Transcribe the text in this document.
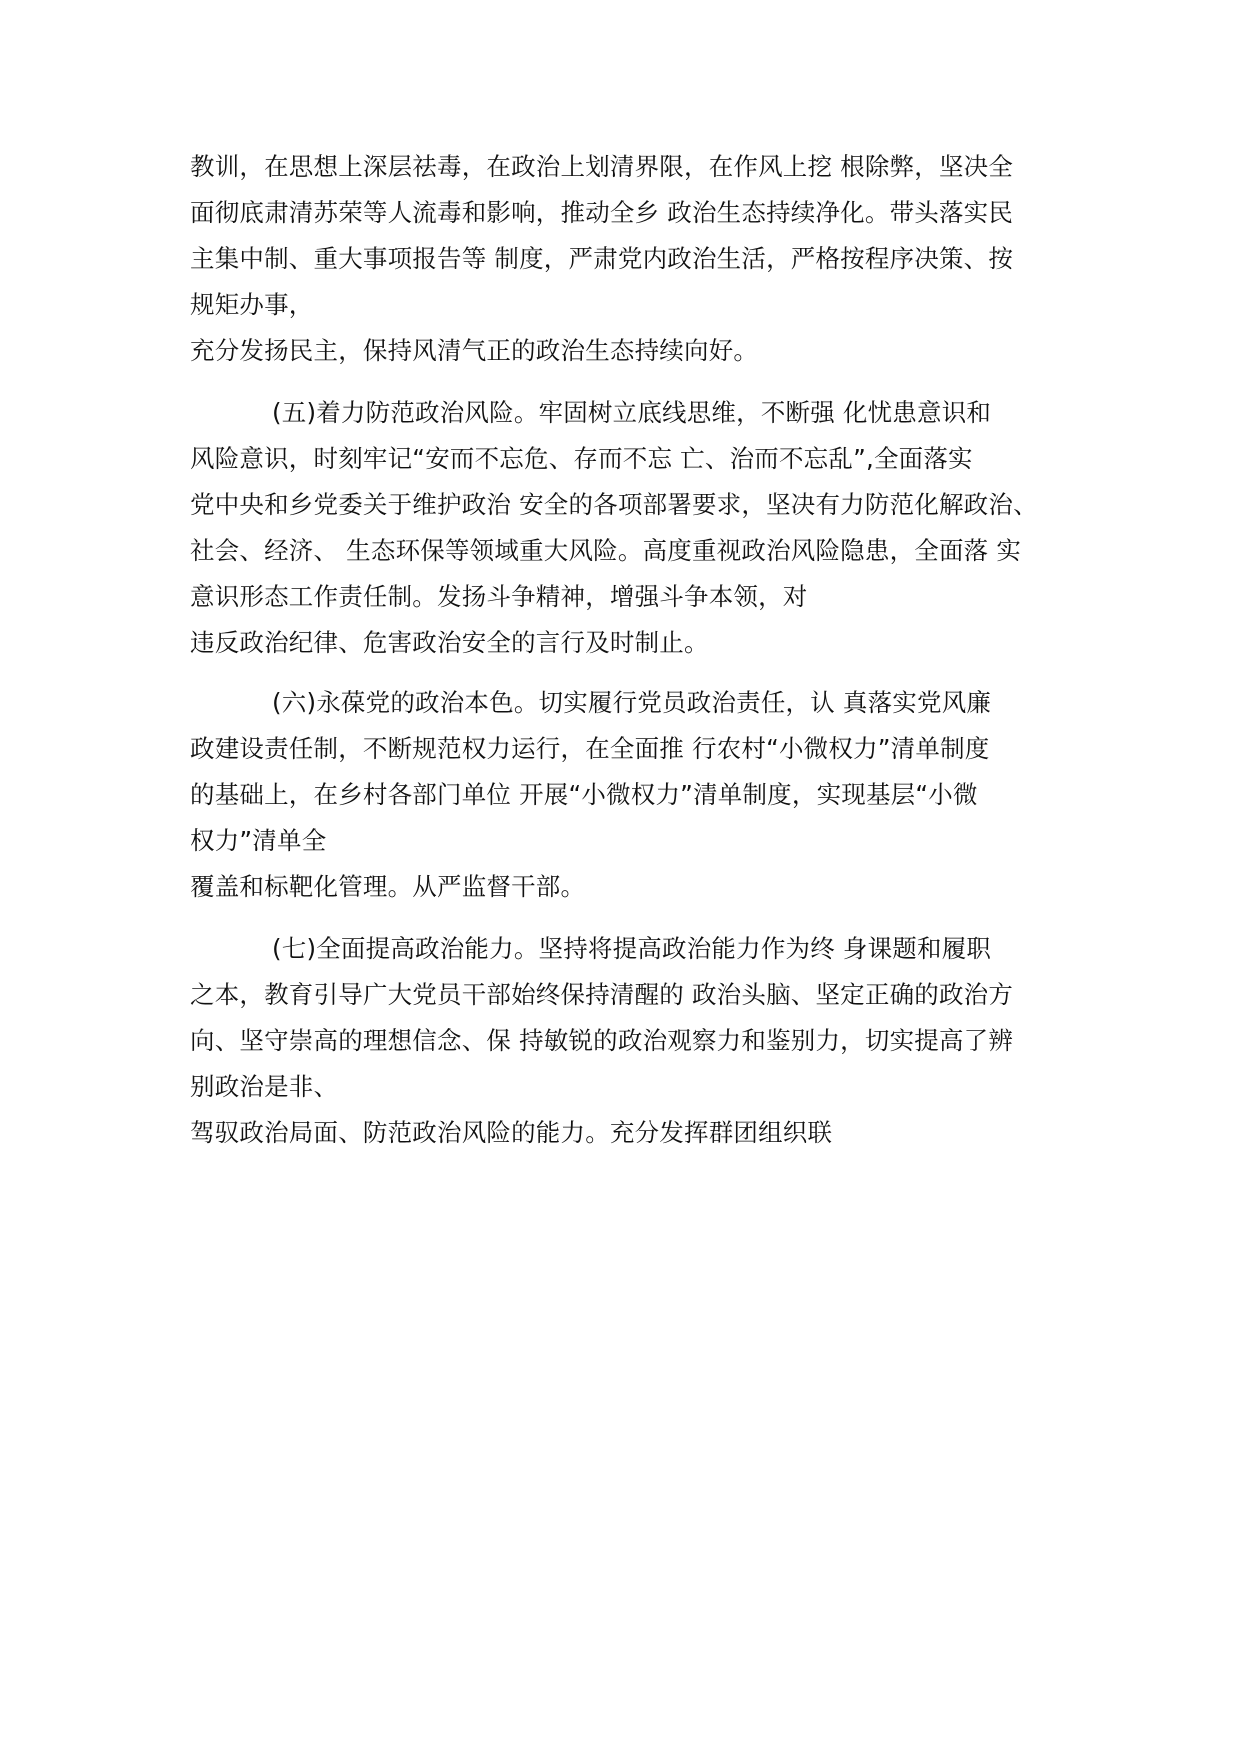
教训，在思想上深层祛毒，在政治上划清界限，在作风上挖 根除弊，坚决全

面彻底肃清苏荣等人流毒和影响，推动全乡 政治生态持续净化。带头落实民

主集中制、重大事项报告等 制度，严肃党内政治生活，严格按程序决策、按

规矩办事，

充分发扬民主，保持风清气正的政治生态持续向好。

(五)着力防范政治风险。牢固树立底线思维，不断强 化忧患意识和

风险意识，时刻牢记“安而不忘危、存而不忘 亡、治而不忘乱”,全面落实

党中央和乡党委关于维护政治 安全的各项部署要求，坚决有力防范化解政治、

社会、经济、 生态环保等领域重大风险。高度重视政治风险隐患，全面落 实

意识形态工作责任制。发扬斗争精神，增强斗争本领，对

违反政治纪律、危害政治安全的言行及时制止。

(六)永葆党的政治本色。切实履行党员政治责任，认 真落实党风廉

政建设责任制，不断规范权力运行，在全面推 行农村“小微权力”清单制度

的基础上，在乡村各部门单位 开展“小微权力”清单制度，实现基层“小微

权力”清单全

覆盖和标靶化管理。从严监督干部。

(七)全面提高政治能力。坚持将提高政治能力作为终 身课题和履职

之本，教育引导广大党员干部始终保持清醒的 政治头脑、坚定正确的政治方

向、坚守崇高的理想信念、保 持敏锐的政治观察力和鉴别力，切实提高了辨

别政治是非、

驾驭政治局面、防范政治风险的能力。充分发挥群团组织联
